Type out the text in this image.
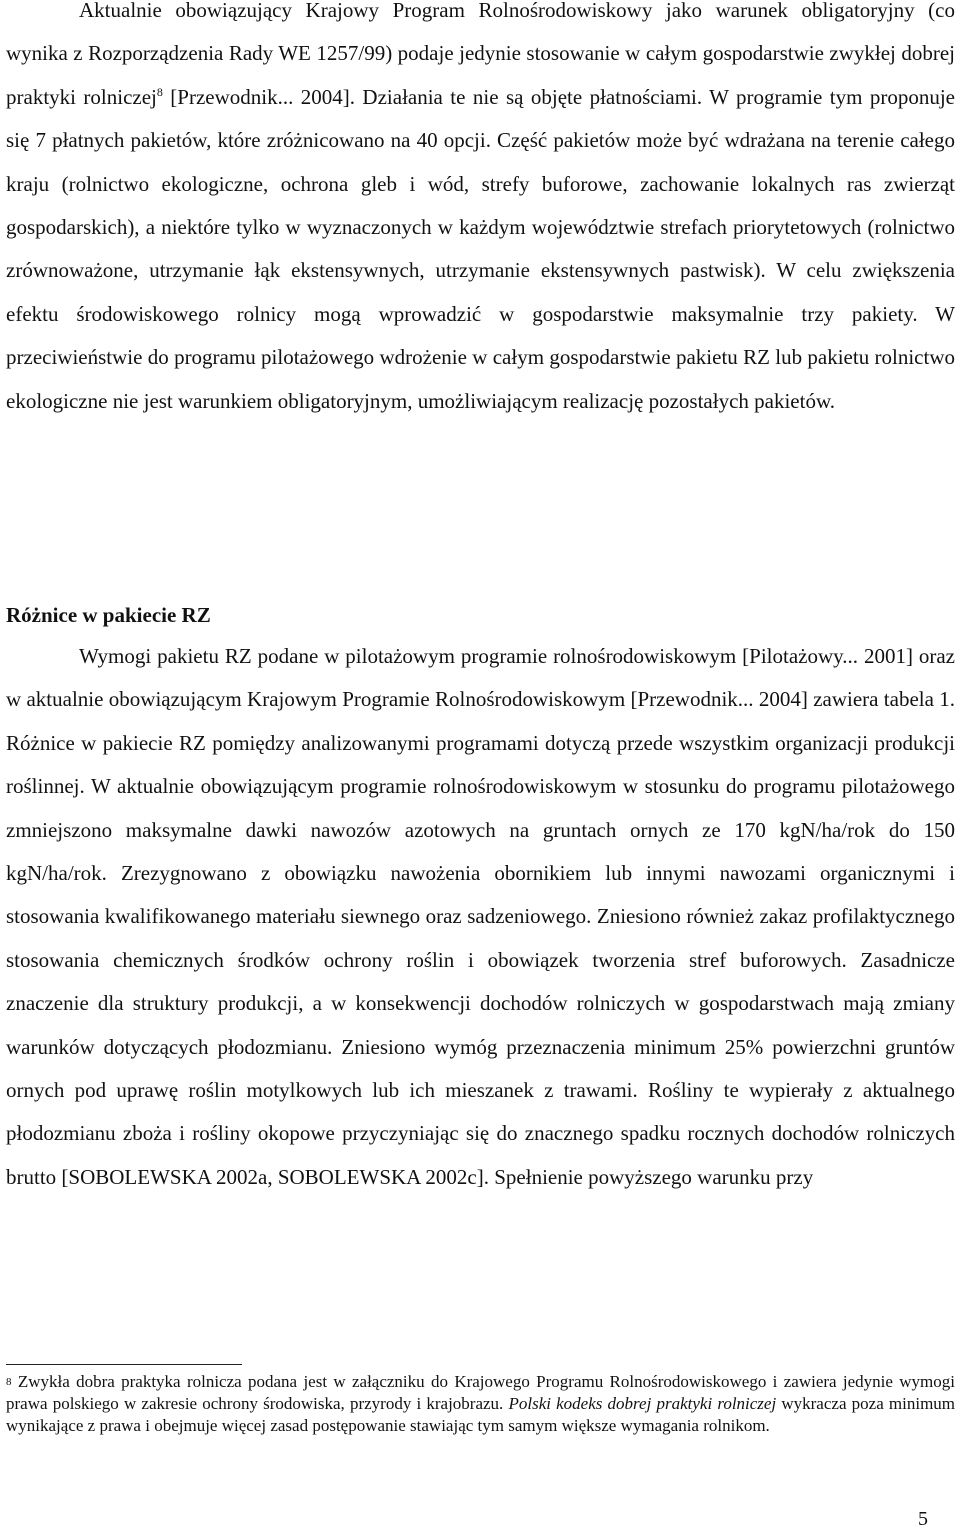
Aktualnie obowiązujący Krajowy Program Rolnośrodowiskowy jako warunek obligatoryjny (co wynika z Rozporządzenia Rady WE 1257/99) podaje jedynie stosowanie w całym gospodarstwie zwykłej dobrej praktyki rolniczej$^8$ [Przewodnik... 2004]. Działania te nie są objęte płatnościami. W programie tym proponuje się 7 płatnych pakietów, które zróżnicowano na 40 opcji. Część pakietów może być wdrażana na terenie całego kraju (rolnictwo ekologiczne, ochrona gleb i wód, strefy buforowe, zachowanie lokalnych ras zwierząt gospodarskich), a niektóre tylko w wyznaczonych w każdym województwie strefach priorytetowych (rolnictwo zrównoważone, utrzymanie łąk ekstensywnych, utrzymanie ekstensywnych pastwisk). W celu zwiększenia efektu środowiskowego rolnicy mogą wprowadzić w gospodarstwie maksymalnie trzy pakiety. W przeciwieństwie do programu pilotażowego wdrożenie w całym gospodarstwie pakietu RZ lub pakietu rolnictwo ekologiczne nie jest warunkiem obligatoryjnym, umożliwiającym realizację pozostałych pakietów.

Różnice w pakiecie RZ

Wymogi pakietu RZ podane w pilotażowym programie rolnośrodowiskowym [Pilotażowy... 2001] oraz w aktualnie obowiązującym Krajowym Programie Rolnośrodowiskowym [Przewodnik... 2004] zawiera tabela 1. Różnice w pakiecie RZ pomiędzy analizowanymi programami dotyczą przede wszystkim organizacji produkcji roślinnej. W aktualnie obowiązującym programie rolnośrodowiskowym w stosunku do programu pilotażowego zmniejszono maksymalne dawki nawozów azotowych na gruntach ornych ze 170 kgN/ha/rok do 150 kgN/ha/rok. Zrezygnowano z obowiązku nawożenia obornikiem lub innymi nawozami organicznymi i stosowania kwalifikowanego materiału siewnego oraz sadzeniowego. Zniesiono również zakaz profilaktycznego stosowania chemicznych środków ochrony roślin i obowiązek tworzenia stref buforowych. Zasadnicze znaczenie dla struktury produkcji, a w konsekwencji dochodów rolniczych w gospodarstwach mają zmiany warunków dotyczących płodozmianu. Zniesiono wymóg przeznaczenia minimum 25% powierzchni gruntów ornych pod uprawę roślin motylkowych lub ich mieszanek z trawami. Rośliny te wypierały z aktualnego płodozmianu zboża i rośliny okopowe przyczyniając się do znacznego spadku rocznych dochodów rolniczych brutto [SOBOLEWSKA 2002a, SOBOLEWSKA 2002c]. Spełnienie powyższego warunku przy

$^8$ Zwykła dobra praktyka rolnicza podana jest w załączniku do Krajowego Programu Rolnośrodowiskowego i zawiera jedynie wymogi prawa polskiego w zakresie ochrony środowiska, przyrody i krajobrazu. Polski kodeks dobrej praktyki rolniczej wykracza poza minimum wynikające z prawa i obejmuje więcej zasad postępowanie stawiając tym samym większe wymagania rolnikom.

5
